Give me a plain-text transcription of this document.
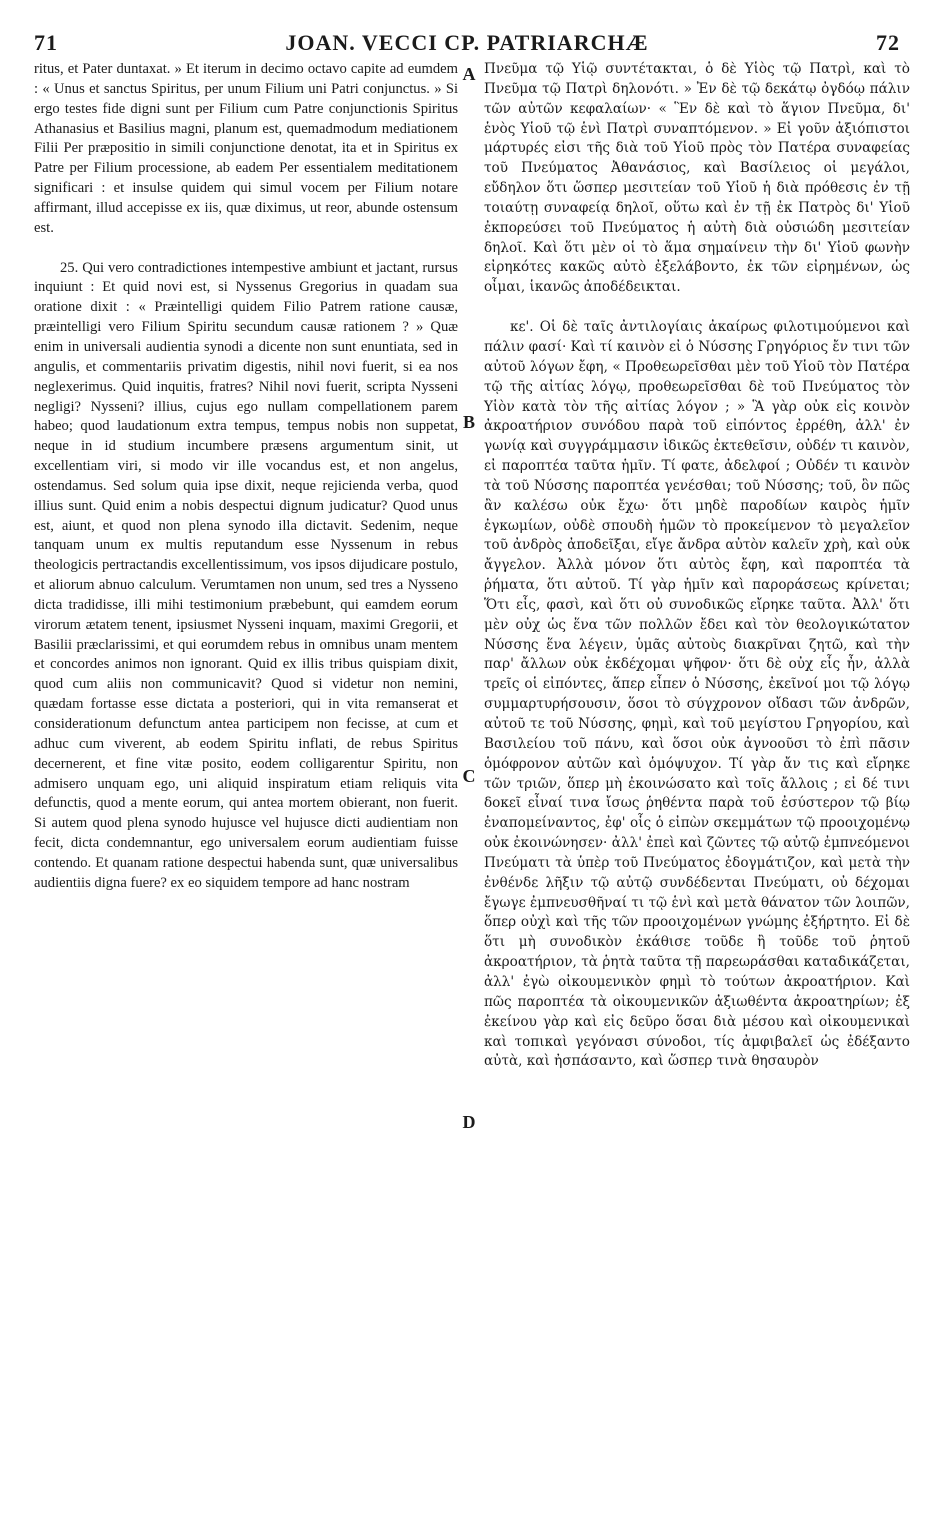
71	JOAN. VECCI CP. PATRIARCHÆ	72

ritus, et Pater duntaxat. » Et iterum in decimo octavo capite ad eumdem : « Unus et sanctus Spiritus, per unum Filium uni Patri conjunctus. » Si ergo testes fide digni sunt per Filium cum Patre conjunctionis Spiritus Athanasius et Basilius magni, planum est, quemadmodum mediationem Filii Per præpositio in simili conjunctione denotat, ita et in Spiritus ex Patre per Filium processione, ab eadem Per essentialem meditationem significari : et insulse quidem qui simul vocem per Filium notare affirmant, illud accepisse ex iis, quæ diximus, ut reor, abunde ostensum est.

25. Qui vero contradictiones intempestive ambiunt et jactant, rursus inquiunt : Et quid novi est, si Nyssenus Gregorius in quadam sua oratione dixit : « Præintelligi quidem Filio Patrem ratione causæ, præintelligi vero Filium Spiritu secundum causæ rationem ? » Quæ enim in universali audientia synodi a dicente non sunt enuntiata, sed in angulis, et commentariis privatim digestis, nihil novi fuerit, si ea nos neglexerimus. Quid inquitis, fratres? Nihil novi fuerit, scripta Nysseni negligi? Nysseni? illius, cujus ego nullam compellationem parem habeo; quod laudationum extra tempus, tempus nobis non suppetat, neque in id studium incumbere præsens argumentum sinit, ut excellentiam viri, si modo vir ille vocandus est, et non angelus, ostendamus. Sed solum quia ipse dixit, neque rejicienda verba, quod illius sunt. Quid enim a nobis despectui dignum judicatur? Quod unus est, aiunt, et quod non plena synodo illa dictavit. Sedenim, neque tanquam unum ex multis reputandum esse Nyssenum in rebus theologicis pertractandis excellentissimum, vos ipsos dijudicare postulo, et aliorum abnuo calculum. Verumtamen non unum, sed tres a Nysseno dicta tradidisse, illi mihi testimonium præbebunt, qui eamdem eorum virorum ætatem tenent, ipsiusmet Nysseni inquam, maximi Gregorii, et Basilii præclarissimi, et qui eorumdem rebus in omnibus unam mentem et concordes animos non ignorant. Quid ex illis tribus quispiam dixit, quod cum aliis non communicavit? Quod si videtur non nemini, quædam fortasse esse dictata a posteriori, qui in vita remanserat et considerationum defunctum antea participem non fecisse, at cum et adhuc cum viverent, ab eodem Spiritu inflati, de rebus Spiritus decernerent, et fine vitæ posito, eodem colligarentur Spiritu, non admisero unquam ego, uni aliquid inspiratum etiam reliquis vita defunctis, quod a mente eorum, qui antea mortem obierant, non fuerit. Si autem quod plena synodo hujusce vel hujusce dicti audientiam non fecit, dicta condemnantur, ego universalem eorum audientiam fuisse contendo. Et quanam ratione despectui habenda sunt, quæ universalibus audientiis digna fuere? ex eo siquidem tempore ad hanc nostram

Πνεῦμα τῷ Υἱῷ συντέτακται, ὁ δὲ Υἱὸς τῷ Πατρὶ, καὶ τὸ Πνεῦμα τῷ Πατρὶ δηλονότι. » Ἐν δὲ τῷ δεκάτῳ ὀγδόῳ πάλιν τῶν αὐτῶν κεφαλαίων· « Ἓν δὲ καὶ τὸ ἅγιον Πνεῦμα, δι' ἑνὸς Υἱοῦ τῷ ἑνὶ Πατρὶ συναπτόμενον. » Εἰ γοῦν ἀξιόπιστοι μάρτυρές εἰσι τῆς διὰ τοῦ Υἱοῦ πρὸς τὸν Πατέρα συναφείας τοῦ Πνεύματος Ἀθανάσιος, καὶ Βασίλειος οἱ μεγάλοι, εὔδηλον ὅτι ὥσπερ μεσιτείαν τοῦ Υἱοῦ ἡ διὰ πρόθεσις ἐν τῇ τοιαύτῃ συναφείᾳ δηλοῖ, οὕτω καὶ ἐν τῇ ἐκ Πατρὸς δι' Υἱοῦ ἐκπορεύσει τοῦ Πνεύματος ἡ αὐτὴ διὰ οὐσιώδη μεσιτείαν δηλοῖ. Καὶ ὅτι μὲν οἱ τὸ ἅμα σημαίνειν τὴν δι' Υἱοῦ φωνὴν εἰρηκότες κακῶς αὐτὸ ἐξελάβοντο, ἐκ τῶν εἰρημένων, ὡς οἶμαι, ἱκανῶς ἀποδέδεικται.

κε'. Οἱ δὲ ταῖς ἀντιλογίαις ἀκαίρως φιλοτιμούμενοι καὶ πάλιν φασί· Καὶ τί καινὸν εἰ ὁ Νύσσης Γρηγόριος ἔν τινι τῶν αὐτοῦ λόγων ἔφη, « Προθεωρεῖσθαι μὲν τοῦ Υἱοῦ τὸν Πατέρα τῷ τῆς αἰτίας λόγῳ, προθεωρεῖσθαι δὲ τοῦ Πνεύματος τὸν Υἱὸν κατὰ τὸν τῆς αἰτίας λόγον ; » Ἃ γὰρ οὐκ εἰς κοινὸν ἀκροατήριον συνόδου παρὰ τοῦ εἰπόντος ἐρρέθη, ἀλλ' ἐν γωνίᾳ καὶ συγγράμμασιν ἰδικῶς ἐκτεθεῖσιν, οὐδέν τι καινὸν, εἰ παροπτέα ταῦτα ἡμῖν. Τί φατε, ἀδελφοί ; Οὐδέν τι καινὸν τὰ τοῦ Νύσσης παροπτέα γενέσθαι; τοῦ Νύσσης; τοῦ, ὃν πῶς ἂν καλέσω οὐκ ἔχω· ὅτι μηδὲ παροδίων καιρὸς ἡμῖν ἐγκωμίων, οὐδὲ σπουδὴ ἡμῶν τὸ προκείμενον τὸ μεγαλεῖον τοῦ ἀνδρὸς ἀποδεῖξαι, εἴγε ἄνδρα αὐτὸν καλεῖν χρὴ, καὶ οὐκ ἄγγελον. Ἀλλὰ μόνον ὅτι αὐτὸς ἔφη, καὶ παροπτέα τὰ ῥήματα, ὅτι αὐτοῦ. Τί γὰρ ἡμῖν καὶ παροράσεως κρίνεται; Ὅτι εἷς, φασὶ, καὶ ὅτι οὐ συνοδικῶς εἴρηκε ταῦτα. Ἀλλ' ὅτι μὲν οὐχ ὡς ἕνα τῶν πολλῶν ἔδει καὶ τὸν θεολογικώτατον Νύσσης ἕνα λέγειν, ὑμᾶς αὐτοὺς διακρῖναι ζητῶ, καὶ τὴν παρ' ἄλλων οὐκ ἐκδέχομαι ψῆφον· ὅτι δὲ οὐχ εἷς ἦν, ἀλλὰ τρεῖς οἱ εἰπόντες, ἅπερ εἶπεν ὁ Νύσσης, ἐκεῖνοί μοι τῷ λόγῳ συμμαρτυρήσουσιν, ὅσοι τὸ σύγχρονον οἴδασι τῶν ἀνδρῶν, αὐτοῦ τε τοῦ Νύσσης, φημὶ, καὶ τοῦ μεγίστου Γρηγορίου, καὶ Βασιλείου τοῦ πάνυ, καὶ ὅσοι οὐκ ἀγνοοῦσι τὸ ἐπὶ πᾶσιν ὁμόφρονον αὐτῶν καὶ ὁμόψυχον. Τί γὰρ ἄν τις καὶ εἴρηκε τῶν τριῶν, ὅπερ μὴ ἐκοινώσατο καὶ τοῖς ἄλλοις ; εἰ δέ τινι δοκεῖ εἶναί τινα ἴσως ῥηθέντα παρὰ τοῦ ἐσύστερον τῷ βίῳ ἐναπομείναντος, ἐφ' οἷς ὁ εἰπὼν σκεμμάτων τῷ προοιχομένῳ οὐκ ἐκοινώνησεν· ἀλλ' ἐπεὶ καὶ ζῶντες τῷ αὐτῷ ἐμπνεόμενοι Πνεύματι τὰ ὑπὲρ τοῦ Πνεύματος ἐδογμάτιζον, καὶ μετὰ τὴν ἐνθένδε λῆξιν τῷ αὐτῷ συνδέδενται Πνεύματι, οὐ δέχομαι ἔγωγε ἐμπνευσθῆναί τι τῷ ἑνὶ καὶ μετὰ θάνατον τῶν λοιπῶν, ὅπερ οὐχὶ καὶ τῆς τῶν προοιχομένων γνώμης ἐξήρτητο. Εἰ δὲ ὅτι μὴ συνοδικὸν ἐκάθισε τοῦδε ἢ τοῦδε τοῦ ῥητοῦ ἀκροατήριον, τὰ ῥητὰ ταῦτα τῇ παρεωράσθαι καταδικάζεται, ἀλλ' ἐγὼ οἰκουμενικὸν φημὶ τὸ τούτων ἀκροατήριον. Καὶ πῶς παροπτέα τὰ οἰκουμενικῶν ἀξιωθέντα ἀκροατηρίων; ἐξ ἐκείνου γὰρ καὶ εἰς δεῦρο ὅσαι διὰ μέσου καὶ οἰκουμενικαὶ καὶ τοπικαὶ γεγόνασι σύνοδοι, τίς ἀμφιβαλεῖ ὡς ἐδέξαντο αὐτὰ, καὶ ἠσπάσαντο, καὶ ὥσπερ τινὰ θησαυρὸν

A
B
C
D
